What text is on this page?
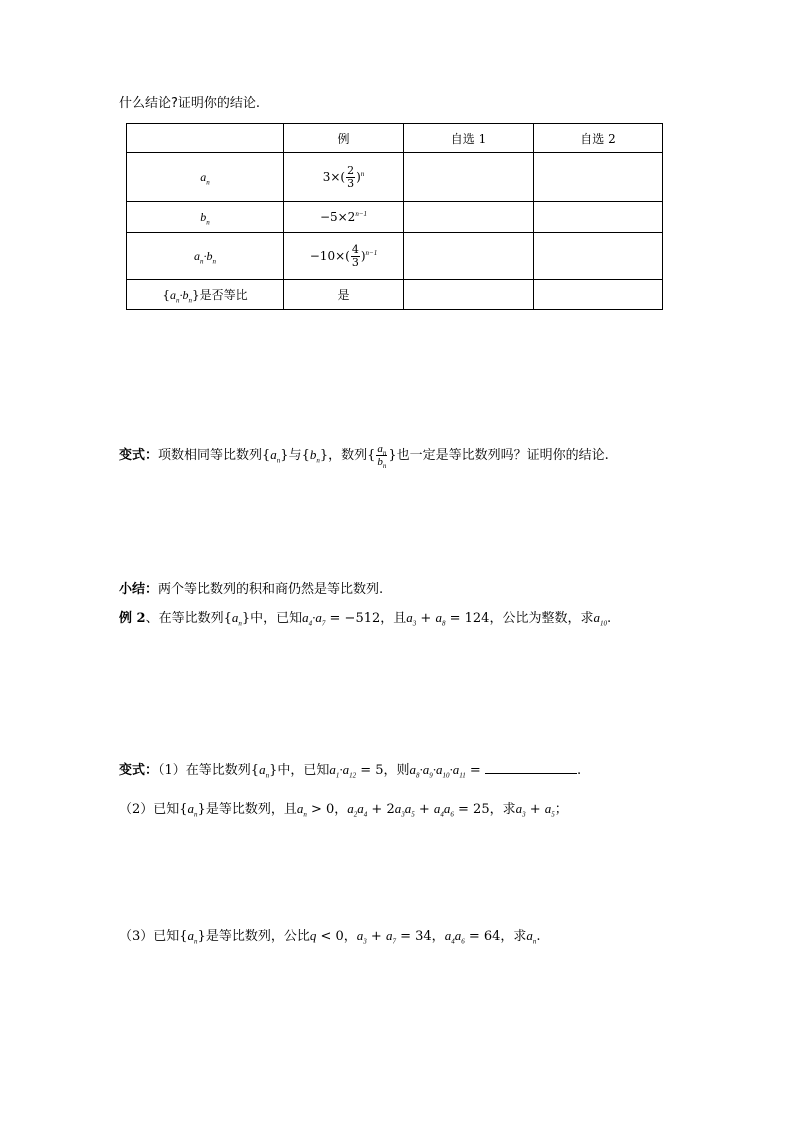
什么结论?证明你的结论.
	例	自选 1	自选 2
$a_n$	$3\times( \frac{2}{3} )^n$		
$b_n$	$-5\times 2^{n-1}$		
$a_n\cdot b_n$	$-10\times( \frac{4}{3} )^{n-1}$		
$\{a_n\cdot b_n\}$是否等比	是		
变式：项数相同等比数列$\{a_n\}$与$\{b_n\}$，数列{ $\frac{a_n}{b_n}$ }也一定是等比数列吗？证明你的结论.
小结：两个等比数列的积和商仍然是等比数列.
例 2、在等比数列$\{a_n\}$中，已知$a_4\cdot a_7 = -512$，且$a_3 + a_8 = 124$，公比为整数，求$a_{10}$.
变式：（1）在等比数列$\{a_n\}$中，已知$a_1\cdot a_{12} = 5$，则$a_8\cdot a_9\cdot a_{10}\cdot a_{11}$ =	.
（2）已知$\{a_n\}$是等比数列，且$a_n > 0$，$a_2a_4 + 2a_3a_5 + a_4a_6 = 25$，求$a_3 + a_5$；
（3）已知$\{a_n\}$是等比数列，公比q < 0，$a_3 + a_7 = 34$，$a_4a_6 = 64$，求$a_n$.
